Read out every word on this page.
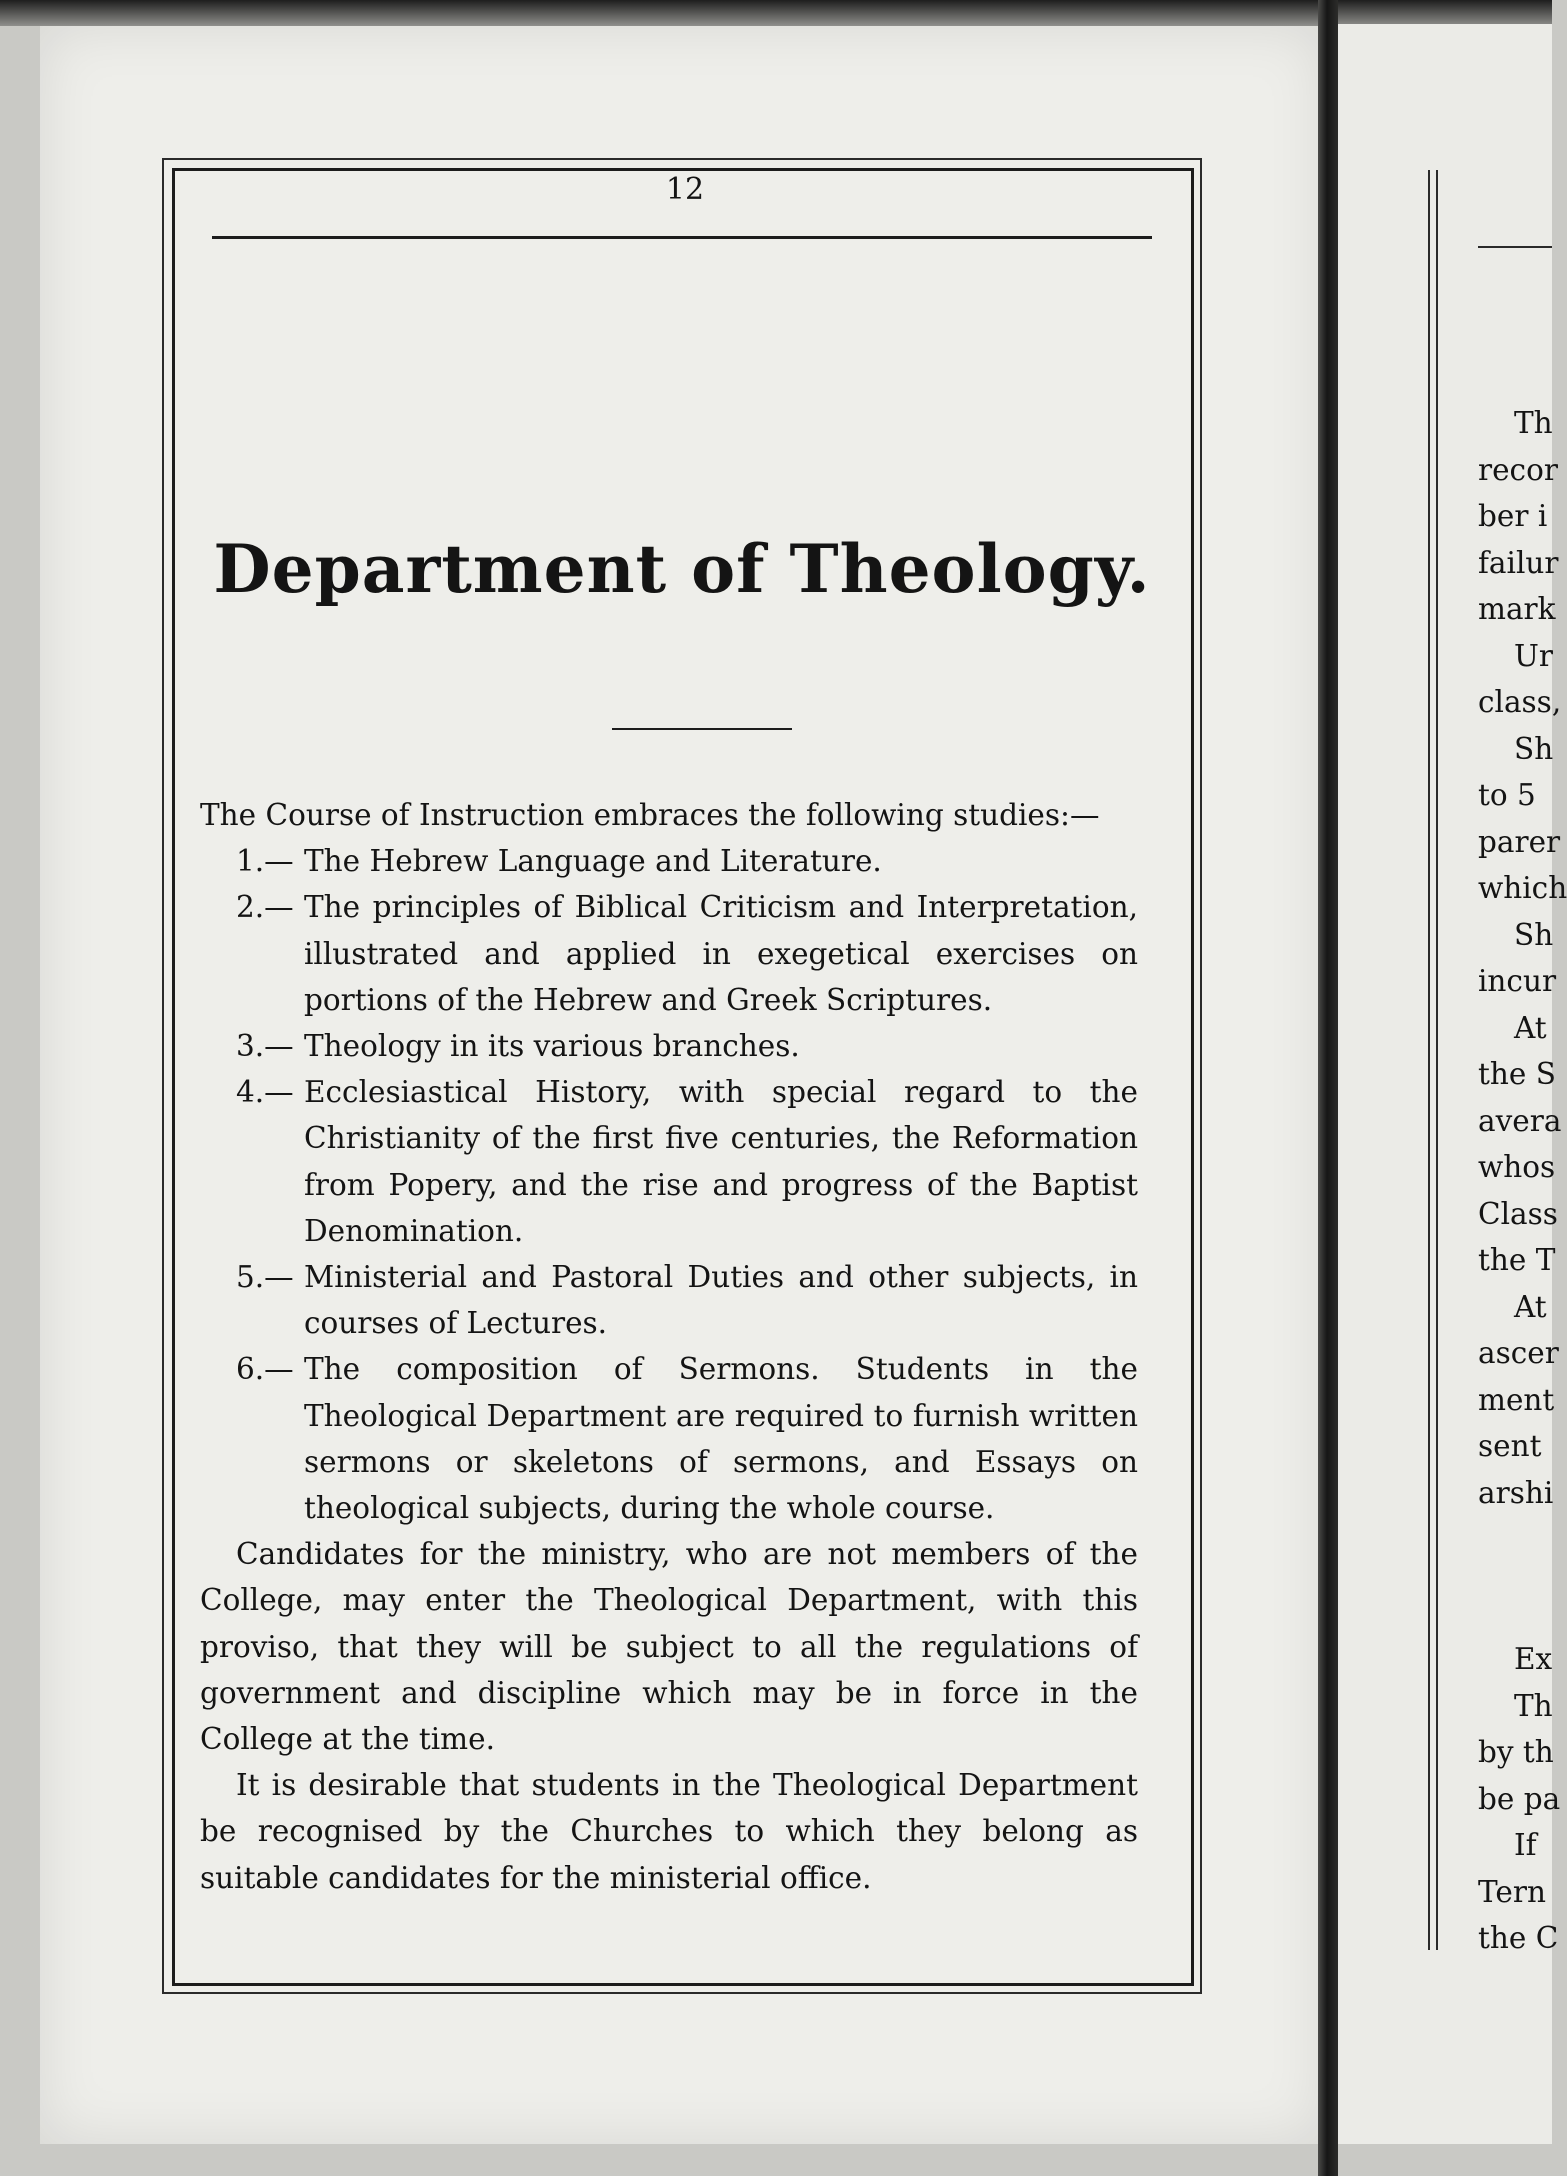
12
Department of Theology.

The Course of Instruction embraces the following studies:—

1.— The Hebrew Language and Literature.
2.— The principles of Biblical Criticism and Interpretation, illustrated and applied in exegetical exercises on portions of the Hebrew and Greek Scriptures.
3.— Theology in its various branches.
4.— Ecclesiastical History, with special regard to the Christianity of the first five centuries, the Reformation from Popery, and the rise and progress of the Baptist Denomination.
5.— Ministerial and Pastoral Duties and other subjects, in courses of Lectures.
6.— The composition of Sermons. Students in the Theological Department are required to furnish written sermons or skeletons of sermons, and Essays on theological subjects, during the whole course.

Candidates for the ministry, who are not members of the College, may enter the Theological Department, with this proviso, that they will be subject to all the regulations of government and discipline which may be in force in the College at the time.

It is desirable that students in the Theological Department be recognised by the Churches to which they belong as suitable candidates for the ministerial office.

Th
recor
ber i
failur
mark
Ur
class,
Sh
to 5
parer
which
Sh
incur
At
the S
avera
whos
Class
the T
At
ascer
ment
sent
arshi
Ex
Th
by th
be pa
If
Tern
the C
